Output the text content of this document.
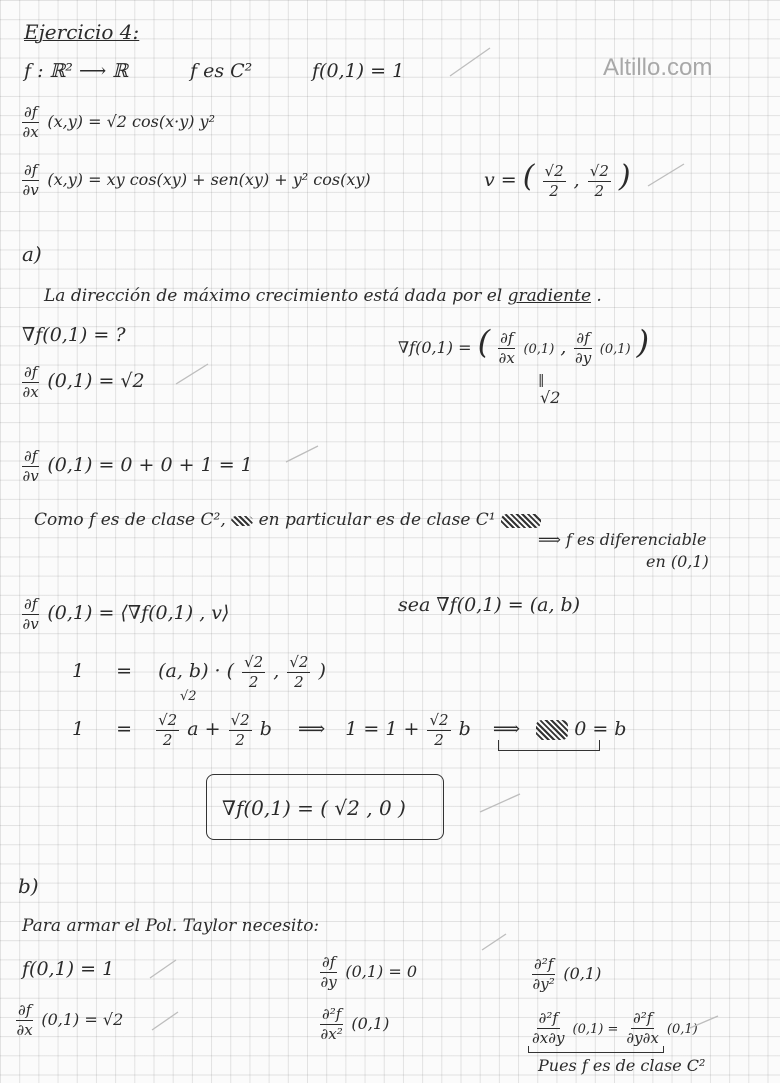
Altillo.com
Ejercicio 4:
f : ℝ² ⟶ ℝ	f es C²	f(0,1) = 1
$\frac{\partial f}{\partial x} (x,y) = √2$ cos(x·y) y²
$\frac{\partial f}{\partial v} (x,y)$ = xy cos(xy) + sen(xy) + y² cos(xy)	v = ( $\frac{√2}{2}$ , $\frac{√2}{2}$ )
a)
La dirección de máximo crecimiento está dada por el gradiente .
∇f(0,1) = ?
∇f(0,1) = ( $\frac{\partial f}{\partial x} (0,1)$ , $\frac{\partial f}{\partial y} (0,1)$ )
‖
√2
$\frac{\partial f}{\partial x} (0,1) = √2$
$\frac{\partial f}{\partial v} (0,1) = 0 + 0 + 1 = 1$
Como f es de clase C², en particular es de clase C¹
⟹ f es diferenciable
en (0,1)
$\frac{\partial f}{\partial v} (0,1)$ = ⟨∇f(0,1) , v⟩	sea ∇f(0,1) = (a, b)
1 = (a, b) · ( $\frac{√2}{2}$ , $\frac{√2}{2}$ )
√2
$1 = \frac{√2}{2}$ $a + \frac{√2}{2}$ b ⟹ $1 = 1 + \frac{√2}{2}$ b ⟹	0 = b
∇f(0,1) = ( √2 , 0 )
b)
Para armar el Pol. Taylor necesito:
f(0,1) = 1
$\frac{\partial f}{\partial x} (0,1) = √2$
$\frac{\partial f}{\partial y} (0,1) = 0$
$\frac{\text{∂²f}}{\text{∂x²}} (0,1)$
$\frac{\text{∂²f}}{\text{∂y²}} (0,1)$
$\frac{\text{∂²f}}{\partial x\partial y} (0,1) = \frac{\text{∂²f}}{\partial y\partial x} (0,1)$
Pues f es de clase C²
